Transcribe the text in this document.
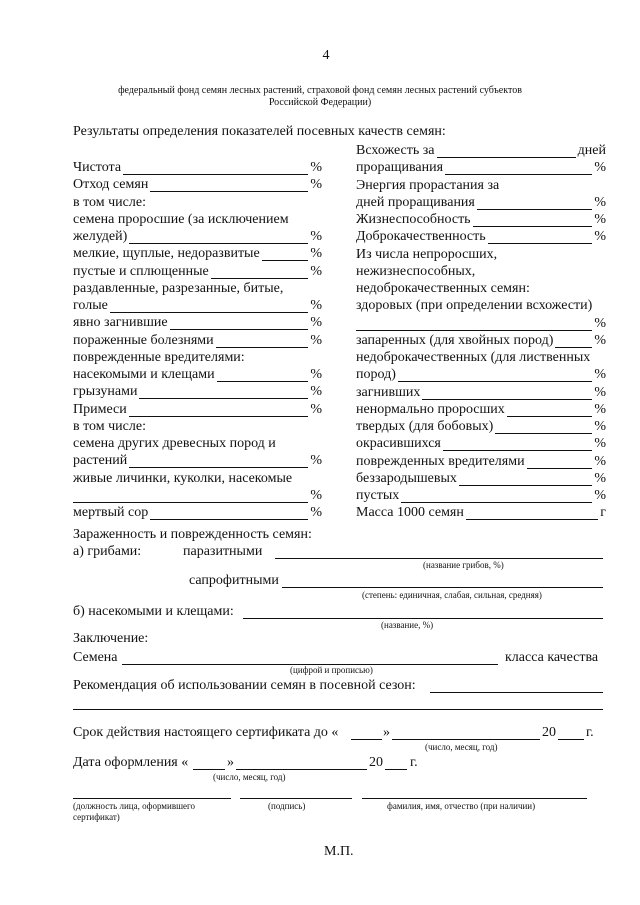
4
федеральный фонд семян лесных растений, страховой фонд семян лесных растений субъектов
Российской Федерации)
Результаты определения показателей посевных качеств семян:
Чистота	%
Отход семян	%
в том числе:
семена проросшие (за исключением
желудей)	%
мелкие, щуплые, недоразвитые	%
пустые и сплющенные	%
раздавленные, разрезанные, битые,
голые	%
явно загнившие	%
пораженные болезнями	%
поврежденные вредителями:
насекомыми и клещами	%
грызунами	%
Примеси	%
в том числе:
семена других древесных пород и
растений	%
живые личинки, куколки, насекомые
%
мертвый сор	%
Всхожесть за	дней
проращивания	%
Энергия прорастания за
дней проращивания	%
Жизнеспособность	%
Доброкачественность	%
Из числа непроросших,
нежизнеспособных,
недоброкачественных семян:
здоровых (при определении всхожести)
%
запаренных (для хвойных пород)	%
недоброкачественных (для лиственных
пород)	%
загнивших	%
ненормально проросших	%
твердых (для бобовых)	%
окрасившихся	%
поврежденных вредителями	%
беззародышевых	%
пустых	%
Масса 1000 семян	г
Зараженность и поврежденность семян:
а) грибами:	паразитными
(название грибов, %)
сапрофитными
(степень: единичная, слабая, сильная, средняя)
б) насекомыми и клещами:
(название, %)
Заключение:
Семена	класса качества
(цифрой и прописью)
Рекомендация об использовании семян в посевной сезон:
Срок действия настоящего сертификата до «	»	20 г.
(число, месяц, год)
Дата оформления «	»	20 г.
(число, месяц, год)
(должность лица, оформившего
сертификат)
(подпись)	фамилия, имя, отчество (при наличии)
М.П.
